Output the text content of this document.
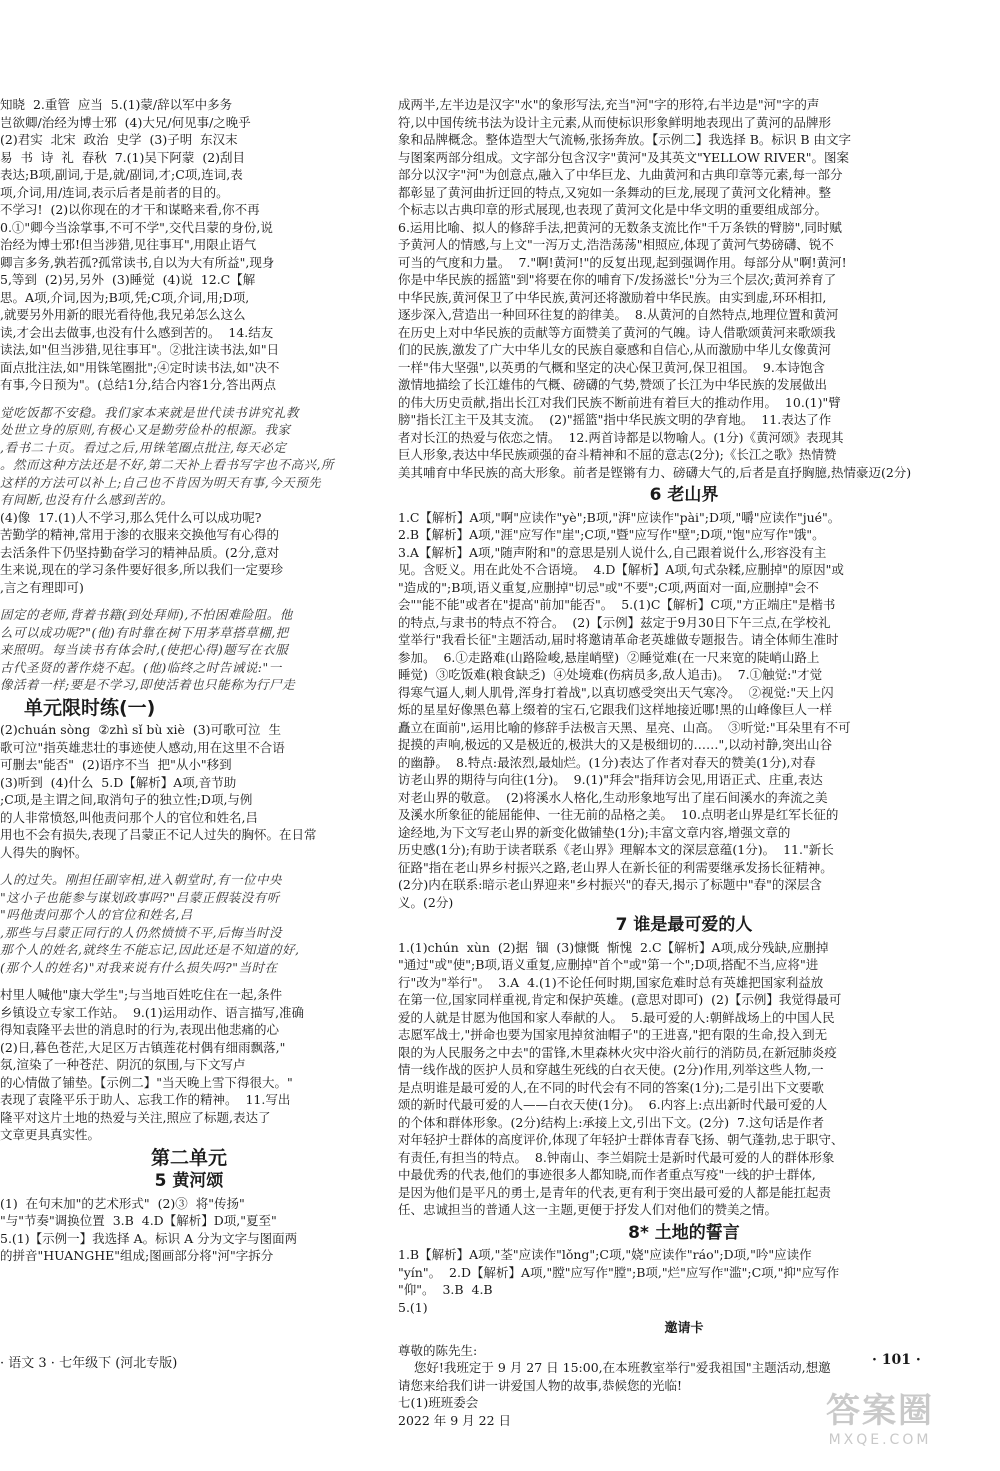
知晓  2.重管  应当  5.(1)蒙/辞以军中多务

岂欲卿/治经为博士邪  (4)大兄/何见事/之晚乎

(2)君实  北宋  政治  史学  (3)子明  东汉末

易  书  诗  礼  春秋  7.(1)吴下阿蒙  (2)刮目

表达;B项,副词,于是,就/副词,才;C项,连词,表

项,介词,用/连词,表示后者是前者的目的。

不学习!  (2)以你现在的才干和谋略来看,你不再

0.①"卿今当涂掌事,不可不学",交代吕蒙的身份,说

治经为博士邪!但当涉猎,见往事耳",用限止语气

卿言多务,孰若孤?孤常读书,自以为大有所益",现身

5,等到  (2)另,另外  (3)睡觉  (4)说  12.C【解

思。A项,介词,因为;B项,凭;C项,介词,用;D项,

,就要另外用新的眼光看待他,我兄弟怎么这么

读,才会出去做事,也没有什么感到苦的。  14.结友

读法,如"但当涉猎,见往事耳"。②批注读书法,如"日

面点批注法,如"用铢笔圈批";④定时读书法,如"决不

有事,今日预为"。(总结1分,结合内容1分,答出两点

觉吃饭都不安稳。我们家本来就是世代读书讲究礼教

处世立身的原则,有极心又是勤劳俭朴的根源。我家

,看书二十页。看过之后,用铢笔圈点批注,每天必定

。然而这种方法还是不好,第二天补上看书写字也不高兴,所

这样的方法可以补上;自己也不肯因为明天有事,今天预先

有间断,也没有什么感到苦的。

(4)像  17.(1)人不学习,那么凭什么可以成功呢?

苦勤学的精神,常用于渗的衣服来交换他写有心得的

去活条件下仍坚持勤奋学习的精神品质。(2分,意对

生来说,现在的学习条件要好很多,所以我们一定要珍

,言之有理即可)

固定的老师,背着书籍(到处拜师),不怕困难险阻。他

么可以成功呢?"(他)有时靠在树下用茅草搭草棚,把

来照明。每当读书有体会时,(使把心得)题写在衣服

古代圣贤的著作烧不起。(他)临终之时告诫说:"一

像活着一样;要是不学习,即使活着也只能称为行尸走

单元限时练(一)

(2)chuán sòng  ②zhì sǐ bù xiè  (3)可歌可泣  生

歌可泣"指英雄悲壮的事迹使人感动,用在这里不合语

可删去"能否"  (2)语序不当  把"从小"移到

(3)听到  (4)什么  5.D【解析】A项,音节助

;C项,是主谓之间,取消句子的独立性;D项,与例

的人非常愤怒,叫他责问那个人的官位和姓名,吕

用也不会有损失,表现了吕蒙正不记人过失的胸怀。在日常

人得失的胸怀。

人的过失。刚担任副宰相,进入朝堂时,有一位中央

"这小子也能参与谋划政事吗?"吕蒙正假装没有听

"吗他责问那个人的官位和姓名,吕

,那些与吕蒙正同行的人仍然愤愤不平,后悔当时没

那个人的姓名,就终生不能忘记,因此还是不知道的好,

(那个人的姓名)"对我来说有什么损失吗?"当时在

村里人喊他"康大学生";与当地百姓吃住在一起,条件

乡镇设立专家工作站。  9.(1)运用动作、语言描写,准确

得知袁隆平去世的消息时的行为,表现出他悲痛的心

(2)日,暮色苍茫,大足区万古镇莲花村偶有细雨飘落,"

氛,渲染了一种苍茫、阴沉的氛围,与下文写卢

的心情做了铺垫。【示例二】"当天晚上雪下得很大。"

表现了袁隆平乐于助人、忘我工作的精神。  11.写出

隆平对这片土地的热爱与关注,照应了标题,表达了

文章更具真实性。

第二单元
5 黄河颂

(1)  在句末加"的艺术形式"  (2)③  将"传扬"

"与"节奏"调换位置  3.B  4.D【解析】D项,"夏至"

5.(1)【示例一】我选择 A。标识 A 分为文字与图面两

的拼音"HUANGHE"组成;图画部分将"河"字拆分

成两半,左半边是汉字"水"的象形写法,充当"河"字的形符,右半边是"河"字的声

符,以中国传统书法为设计主元素,从而使标识形象鲜明地表现出了黄河的品牌形

象和品牌概念。整体造型大气流畅,张扬奔放。【示例二】我选择 B。标识 B 由文字

与图案两部分组成。文字部分包含汉字"黄河"及其英文"YELLOW RIVER"。图案

部分以汉字"河"为创意点,融入了中华巨龙、九曲黄河和古典印章等元素,每一部分

都彰显了黄河曲折迂回的特点,又宛如一条舞动的巨龙,展现了黄河文化精神。整

个标志以古典印章的形式展现,也表现了黄河文化是中华文明的重要组成部分。

6.运用比喻、拟人的修辞手法,把黄河的无数条支流比作"千万条铁的臂膀",同时赋

予黄河人的情感,与上文"一泻万丈,浩浩荡荡"相照应,体现了黄河气势磅礴、锐不

可当的气度和力量。  7."啊!黄河!"的反复出现,起到强调作用。每部分从"啊!黄河!

你是中华民族的摇篮"到"将要在你的哺育下/发扬滋长"分为三个层次;黄河养育了

中华民族,黄河保卫了中华民族,黄河还将激励着中华民族。由实到虚,环环相扣,

逐步深入,营造出一种回环往复的韵律美。  8.从黄河的自然特点,地理位置和黄河

在历史上对中华民族的贡献等方面赞美了黄河的气魄。诗人借歌颂黄河来歌颂我

们的民族,激发了广大中华儿女的民族自豪感和自信心,从而激励中华儿女像黄河

一样"伟大坚强",以英勇的气概和坚定的决心保卫黄河,保卫祖国。  9.本诗饱含

激情地描绘了长江雄伟的气概、磅礴的气势,赞颂了长江为中华民族的发展做出

的伟大历史贡献,指出长江对我们民族不断前进有着巨大的推动作用。  10.(1)"臂

膀"指长江主干及其支流。  (2)"摇篮"指中华民族文明的孕育地。  11.表达了作

者对长江的热爱与依恋之情。  12.两首诗都是以物喻人。(1分)《黄河颂》表现其

巨人形象,表达中华民族顽强的奋斗精神和不屈的意志(2分);《长江之歌》热情赞

美其哺育中华民族的高大形象。前者是铿锵有力、磅礴大气的,后者是直抒胸臆,热情豪迈(2分)

6 老山界

1.C【解析】A项,"啊"应读作"yè";B项,"湃"应读作"pài";D项,"嚼"应读作"jué"。

2.B【解析】A项,"涯"应写作"崖";C项,"暨"应写作"壁";D项,"饱"应写作"饿"。

3.A【解析】A项,"随声附和"的意思是别人说什么,自己跟着说什么,形容没有主

见。含贬义。用在此处不合语境。  4.D【解析】A项,句式杂糅,应删掉"的原因"或

"造成的";B项,语义重复,应删掉"切忌"或"不要";C项,两面对一面,应删掉"会不

会""能不能"或者在"提高"前加"能否"。  5.(1)C【解析】C项,"方正端庄"是楷书

的特点,与隶书的特点不符合。  (2)【示例】兹定于9月30日下午三点,在学校礼

堂举行"我看长征"主题活动,届时将邀请革命老英雄做专题报告。请全体师生准时

参加。  6.①走路难(山路险峻,悬崖峭壁)  ②睡觉难(在一尺来宽的陡峭山路上

睡觉)  ③吃饭难(粮食缺乏)  ④处境难(伤病员多,敌人追击)。  7.①触觉:"才觉

得寒气逼人,刺人肌骨,浑身打着战",以真切感受突出天气寒冷。  ②视觉:"天上闪

烁的星星好像黑色幕上缀着的宝石,它跟我们这样地接近哪!黑的山峰像巨人一样

矗立在面前",运用比喻的修辞手法极言天黑、星亮、山高。  ③听觉:"耳朵里有不可

捉摸的声响,极远的又是极近的,极洪大的又是极细切的……",以动衬静,突出山谷

的幽静。  8.特点:最浓烈,最灿烂。(1分)表达了作者对春天的赞美(1分),对春

访老山界的期待与向往(1分)。  9.(1)"拜会"指拜访会见,用语正式、庄重,表达

对老山界的敬意。  (2)将溪水人格化,生动形象地写出了崖石间溪水的奔流之美

及溪水所象征的能屈能伸、一往无前的品格之美。  10.点明老山界是红军长征的

途经地,为下文写老山界的新变化做铺垫(1分);丰富文章内容,增强文章的

历史感(1分);有助于读者联系《老山界》理解本文的深层意蕴(1分)。  11."新长

征路"指在老山界乡村振兴之路,老山界人在新长征的利需要继承发扬长征精神。

(2分)内在联系:暗示老山界迎来"乡村振兴"的春天,揭示了标题中"春"的深层含

义。(2分)

7 谁是最可爱的人

1.(1)chún  xùn  (2)据  锢  (3)慷慨  惭愧  2.C【解析】A项,成分残缺,应删掉

"通过"或"使";B项,语义重复,应删掉"首个"或"第一个";D项,搭配不当,应将"进

行"改为"举行"。  3.A  4.(1)不论任何时期,国家危难时总有英雄把国家利益放

在第一位,国家同样重视,肯定和保护英雄。(意思对即可)  (2)【示例】我觉得最可

爱的人就是甘愿为他国和家人奉献的人。  5.最可爱的人:朝鲜战场上的中国人民

志愿军战士,"拼命也要为国家甩掉贫油帽子"的王进喜,"把有限的生命,投入到无

限的为人民服务之中去"的雷锋,木里森林火灾中浴火前行的消防员,在新冠肺炎疫

情一线作战的医护人员和穿越生死线的白衣天使。(2分)作用,列举这些人物,一

是点明谁是最可爱的人,在不同的时代会有不同的答案(1分);二是引出下文要歌

颂的新时代最可爱的人——白衣天使(1分)。  6.内容上:点出新时代最可爱的人

的个体和群体形象。(2分)结构上:承接上文,引出下文。(2分)  7.这句话是作者

对年轻护士群体的高度评价,体现了年轻护士群体青春飞扬、朝气蓬勃,忠于职守、

有责任,有担当的特点。  8.钟南山、李兰娟院士是新时代最可爱的人的群体形象

中最优秀的代表,他们的事迹很多人都知晓,而作者重点写疫"一线的护士群体,

是因为他们是平凡的勇士,是青年的代表,更有利于突出最可爱的人都是能扛起责

任、忠诚担当的普通人这一主题,更便于抒发人们对他们的赞美之情。

8* 土地的誓言

1.B【解析】A项,"荃"应读作"lǒng";C项,"娆"应读作"ráo";D项,"吟"应读作

"yín"。  2.D【解析】A项,"膛"应写作"膛";B项,"烂"应写作"滥";C项,"抑"应写作

"仰"。  3.B  4.B

5.(1)

邀请卡

尊敬的陈先生:

您好!我班定于 9 月 27 日 15:00,在本班教室举行"爱我祖国"主题活动,想邀

请您来给我们讲一讲爱国人物的故事,恭候您的光临!

七(1)班班委会

2022 年 9 月 22 日

· 语文 3 · 七年级下 (河北专版)	· 101 ·
答案圈
MXQE.COM
